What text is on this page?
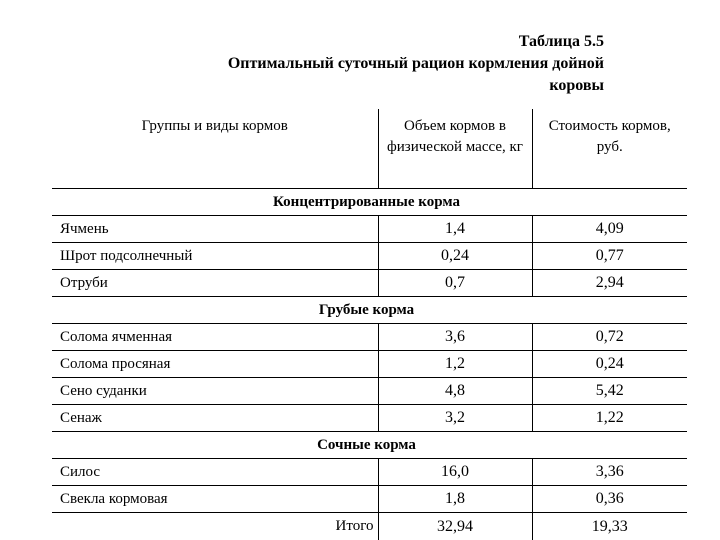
Таблица 5.5
Оптимальный суточный рацион кормления дойной
коровы
Группы и виды кормов	Объем кормов в физической массе, кг	Стоимость кормов, руб.
Концентрированные корма		
Ячмень	1,4	4,09
Шрот подсолнечный	0,24	0,77
Отруби	0,7	2,94
Грубые корма		
Солома ячменная	3,6	0,72
Солома просяная	1,2	0,24
Сено суданки	4,8	5,42
Сенаж	3,2	1,22
Сочные корма		
Силос	16,0	3,36
Свекла кормовая	1,8	0,36
Итого	32,94	19,33
